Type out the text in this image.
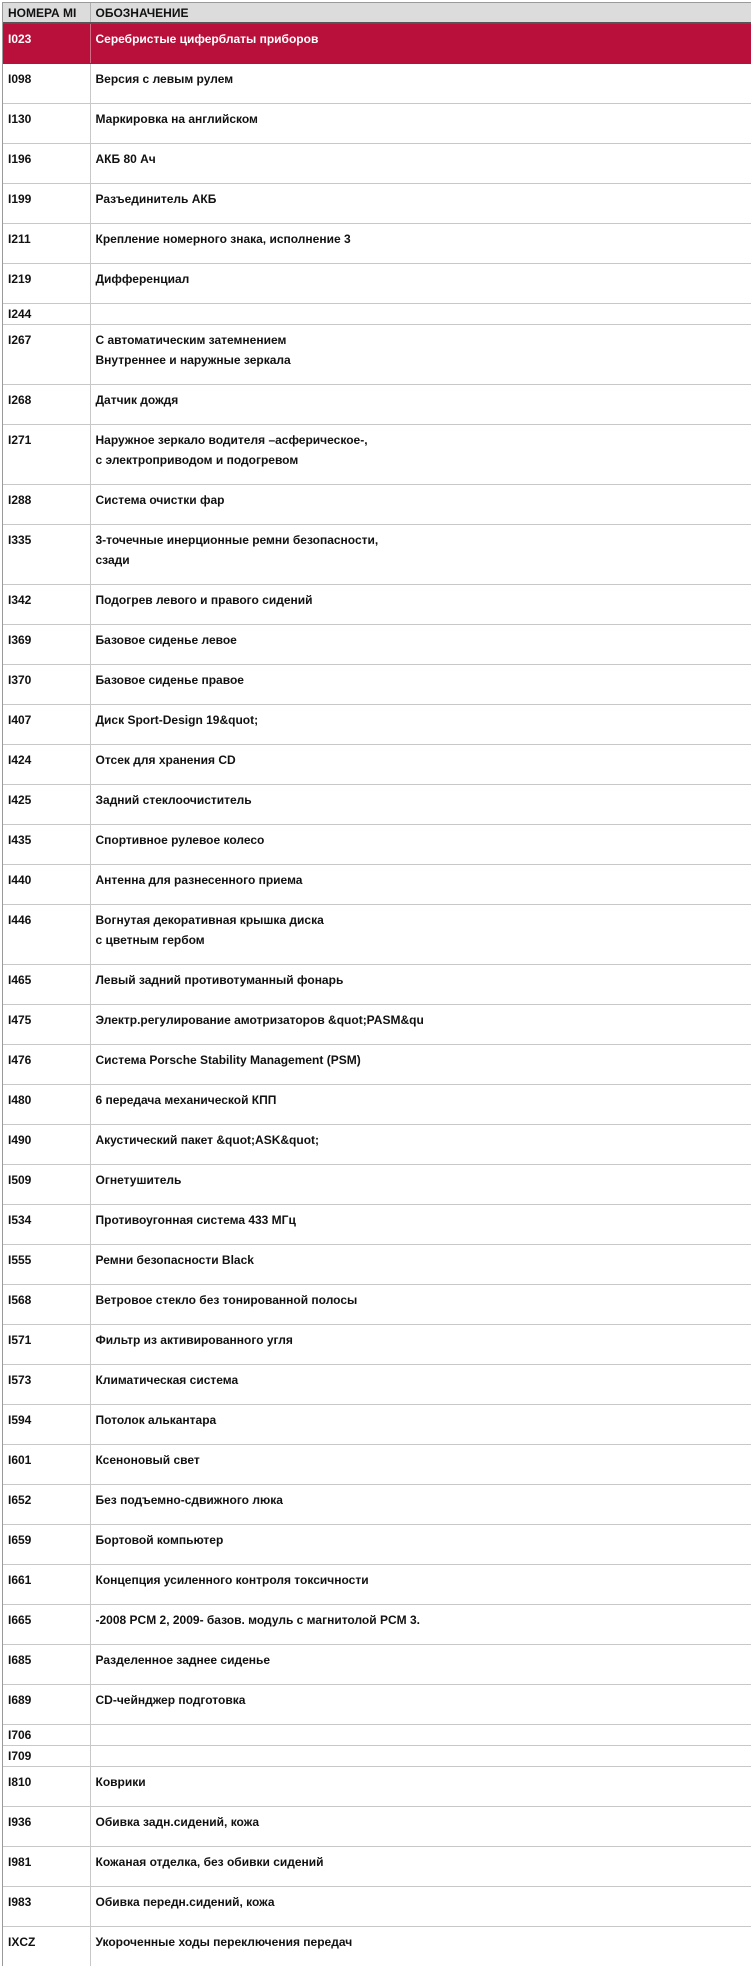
НОМЕРА МI	ОБОЗНАЧЕНИЕ
I023	Серебристые циферблаты приборов

I098	Версия с левым рулем

I130	Маркировка на английском

I196	АКБ 80 Ач

I199	Разъединитель АКБ

I211	Крепление номерного знака, исполнение 3

I219	Дифференциал

I244	
I267	С автоматическим затемнением
Внутреннее и наружные зеркала

I268	Датчик дождя

I271	Наружное зеркало водителя –асферическое-,
с электроприводом и подогревом

I288	Система очистки фар

I335	3-точечные инерционные ремни безопасности,
сзади

I342	Подогрев левого и правого сидений

I369	Базовое сиденье левое

I370	Базовое сиденье правое

I407	Диск Sport-Design 19&quot;

I424	Отсек для хранения CD

I425	Задний стеклоочиститель

I435	Спортивное рулевое колесо

I440	Антенна для разнесенного приема

I446	Вогнутая декоративная крышка диска
с цветным гербом

I465	Левый задний противотуманный фонарь

I475	Электр.регулирование амотризаторов &quot;PASM&qu

I476	Система Porsche Stability Management (PSM)

I480	6 передача механической КПП

I490	Акустический пакет &quot;ASK&quot;

I509	Огнетушитель

I534	Противоугонная система 433 МГц

I555	Ремни безопасности Black

I568	Ветровое стекло без тонированной полосы

I571	Фильтр из активированного угля

I573	Климатическая система

I594	Потолок алькантара

I601	Ксеноновый свет

I652	Без подъемно-сдвижного люка

I659	Бортовой компьютер

I661	Концепция усиленного контроля токсичности

I665	-2008 PCM 2, 2009- базов. модуль с магнитолой PCM 3.

I685	Разделенное заднее сиденье

I689	CD-чейнджер подготовка

I706	
I709	
I810	Коврики

I936	Обивка задн.сидений, кожа

I981	Кожаная отделка, без обивки сидений

I983	Обивка передн.сидений, кожа

IXCZ	Укороченные ходы переключения передач
